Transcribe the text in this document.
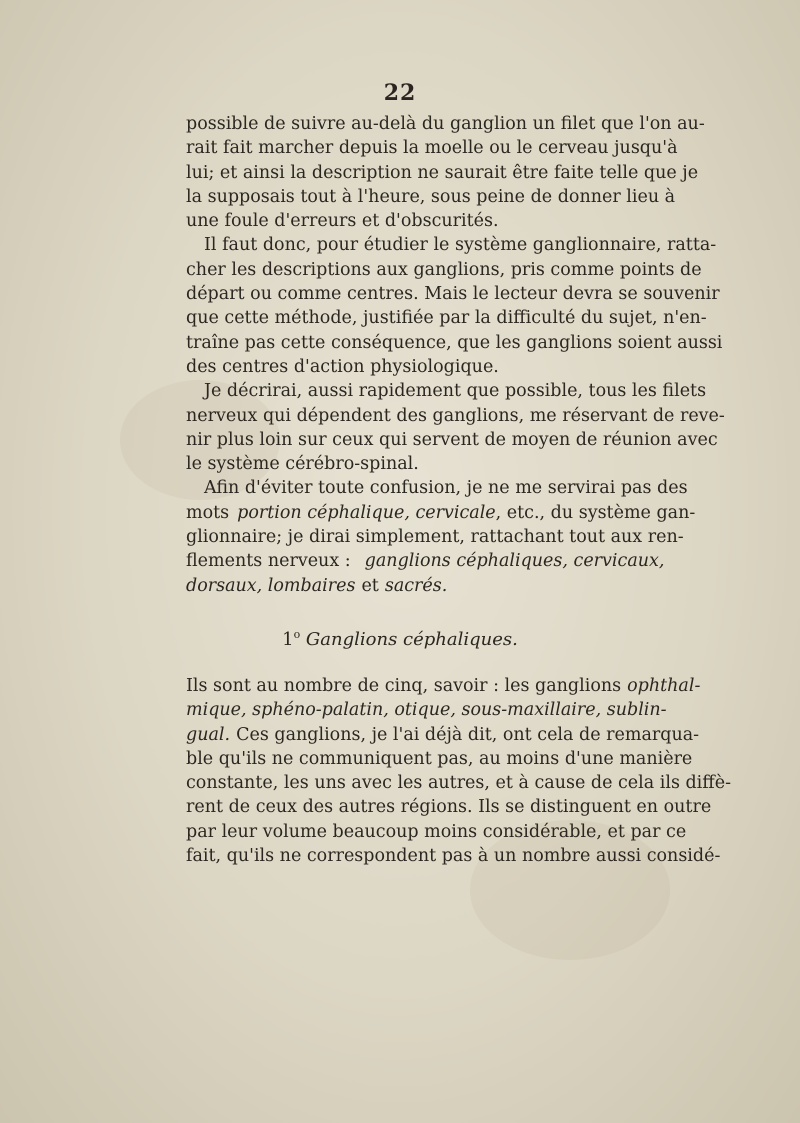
22
possible de suivre au-delà du ganglion un filet que l'on au-
rait fait marcher depuis la moelle ou le cerveau jusqu'à
lui; et ainsi la description ne saurait être faite telle que je
la supposais tout à l'heure, sous peine de donner lieu à
une foule d'erreurs et d'obscurités.
Il faut donc, pour étudier le système ganglionnaire, ratta-
cher les descriptions aux ganglions, pris comme points de
départ ou comme centres. Mais le lecteur devra se souvenir
que cette méthode, justifiée par la difficulté du sujet, n'en-
traîne pas cette conséquence, que les ganglions soient aussi
des centres d'action physiologique.
Je décrirai, aussi rapidement que possible, tous les filets
nerveux qui dépendent des ganglions, me réservant de reve-
nir plus loin sur ceux qui servent de moyen de réunion avec
le système cérébro-spinal.
Afin d'éviter toute confusion, je ne me servirai pas des
mots portion céphalique, cervicale , etc., du système gan-
glionnaire; je dirai simplement, rattachant tout aux ren-
flements nerveux : ganglions céphaliques, cervicaux,
dorsaux, lombaires et sacrés.
1$^o$ Ganglions céphaliques.
Ils sont au nombre de cinq, savoir : les ganglions ophthal-
mique, sphéno-palatin, otique, sous-maxillaire, sublin-
gual. Ces ganglions, je l'ai déjà dit, ont cela de remarqua-
ble qu'ils ne communiquent pas, au moins d'une manière
constante, les uns avec les autres, et à cause de cela ils diffè-
rent de ceux des autres régions. Ils se distinguent en outre
par leur volume beaucoup moins considérable, et par ce
fait, qu'ils ne correspondent pas à un nombre aussi considé-
